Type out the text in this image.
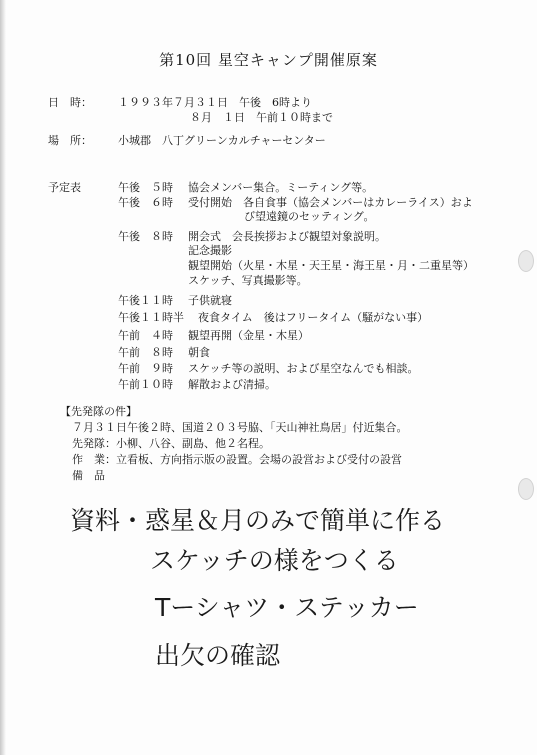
第10回 星空キャンプ開催原案
日　時： １９９３年７月３１日　午後　6時より
８月　１日　午前１０時まで
場　所： 小城郡　八丁グリーンカルチャーセンター
予定表	午後　５時 協会メンバー集合。ミーティング等。
午後　６時 受付開始　各自食事（協会メンバーはカレーライス）およ
び望遠鏡のセッティング。
午後　８時 開会式　会長挨拶および観望対象説明。
記念撮影
観望開始（火星・木星・天王星・海王星・月・二重星等）
スケッチ、写真撮影等。
午後１１時 子供就寝
午後１１時半 夜食タイム　後はフリータイム（騒がない事）
午前　４時 観望再開（金星・木星）
午前　８時 朝食
午前　９時 スケッチ等の説明、および星空なんでも相談。
午前１０時 解散および清掃。
【先発隊の件】
７月３１日午後２時、国道２０３号脇、「天山神社鳥居」付近集合。
先発隊：小柳、八谷、副島、他２名程。
作　業：立看板、方向指示版の設置。会場の設営および受付の設営
備　品
資料・惑星＆月のみで簡単に作る
スケッチの様をつくる
Tーシャツ・ステッカー
出欠の確認
